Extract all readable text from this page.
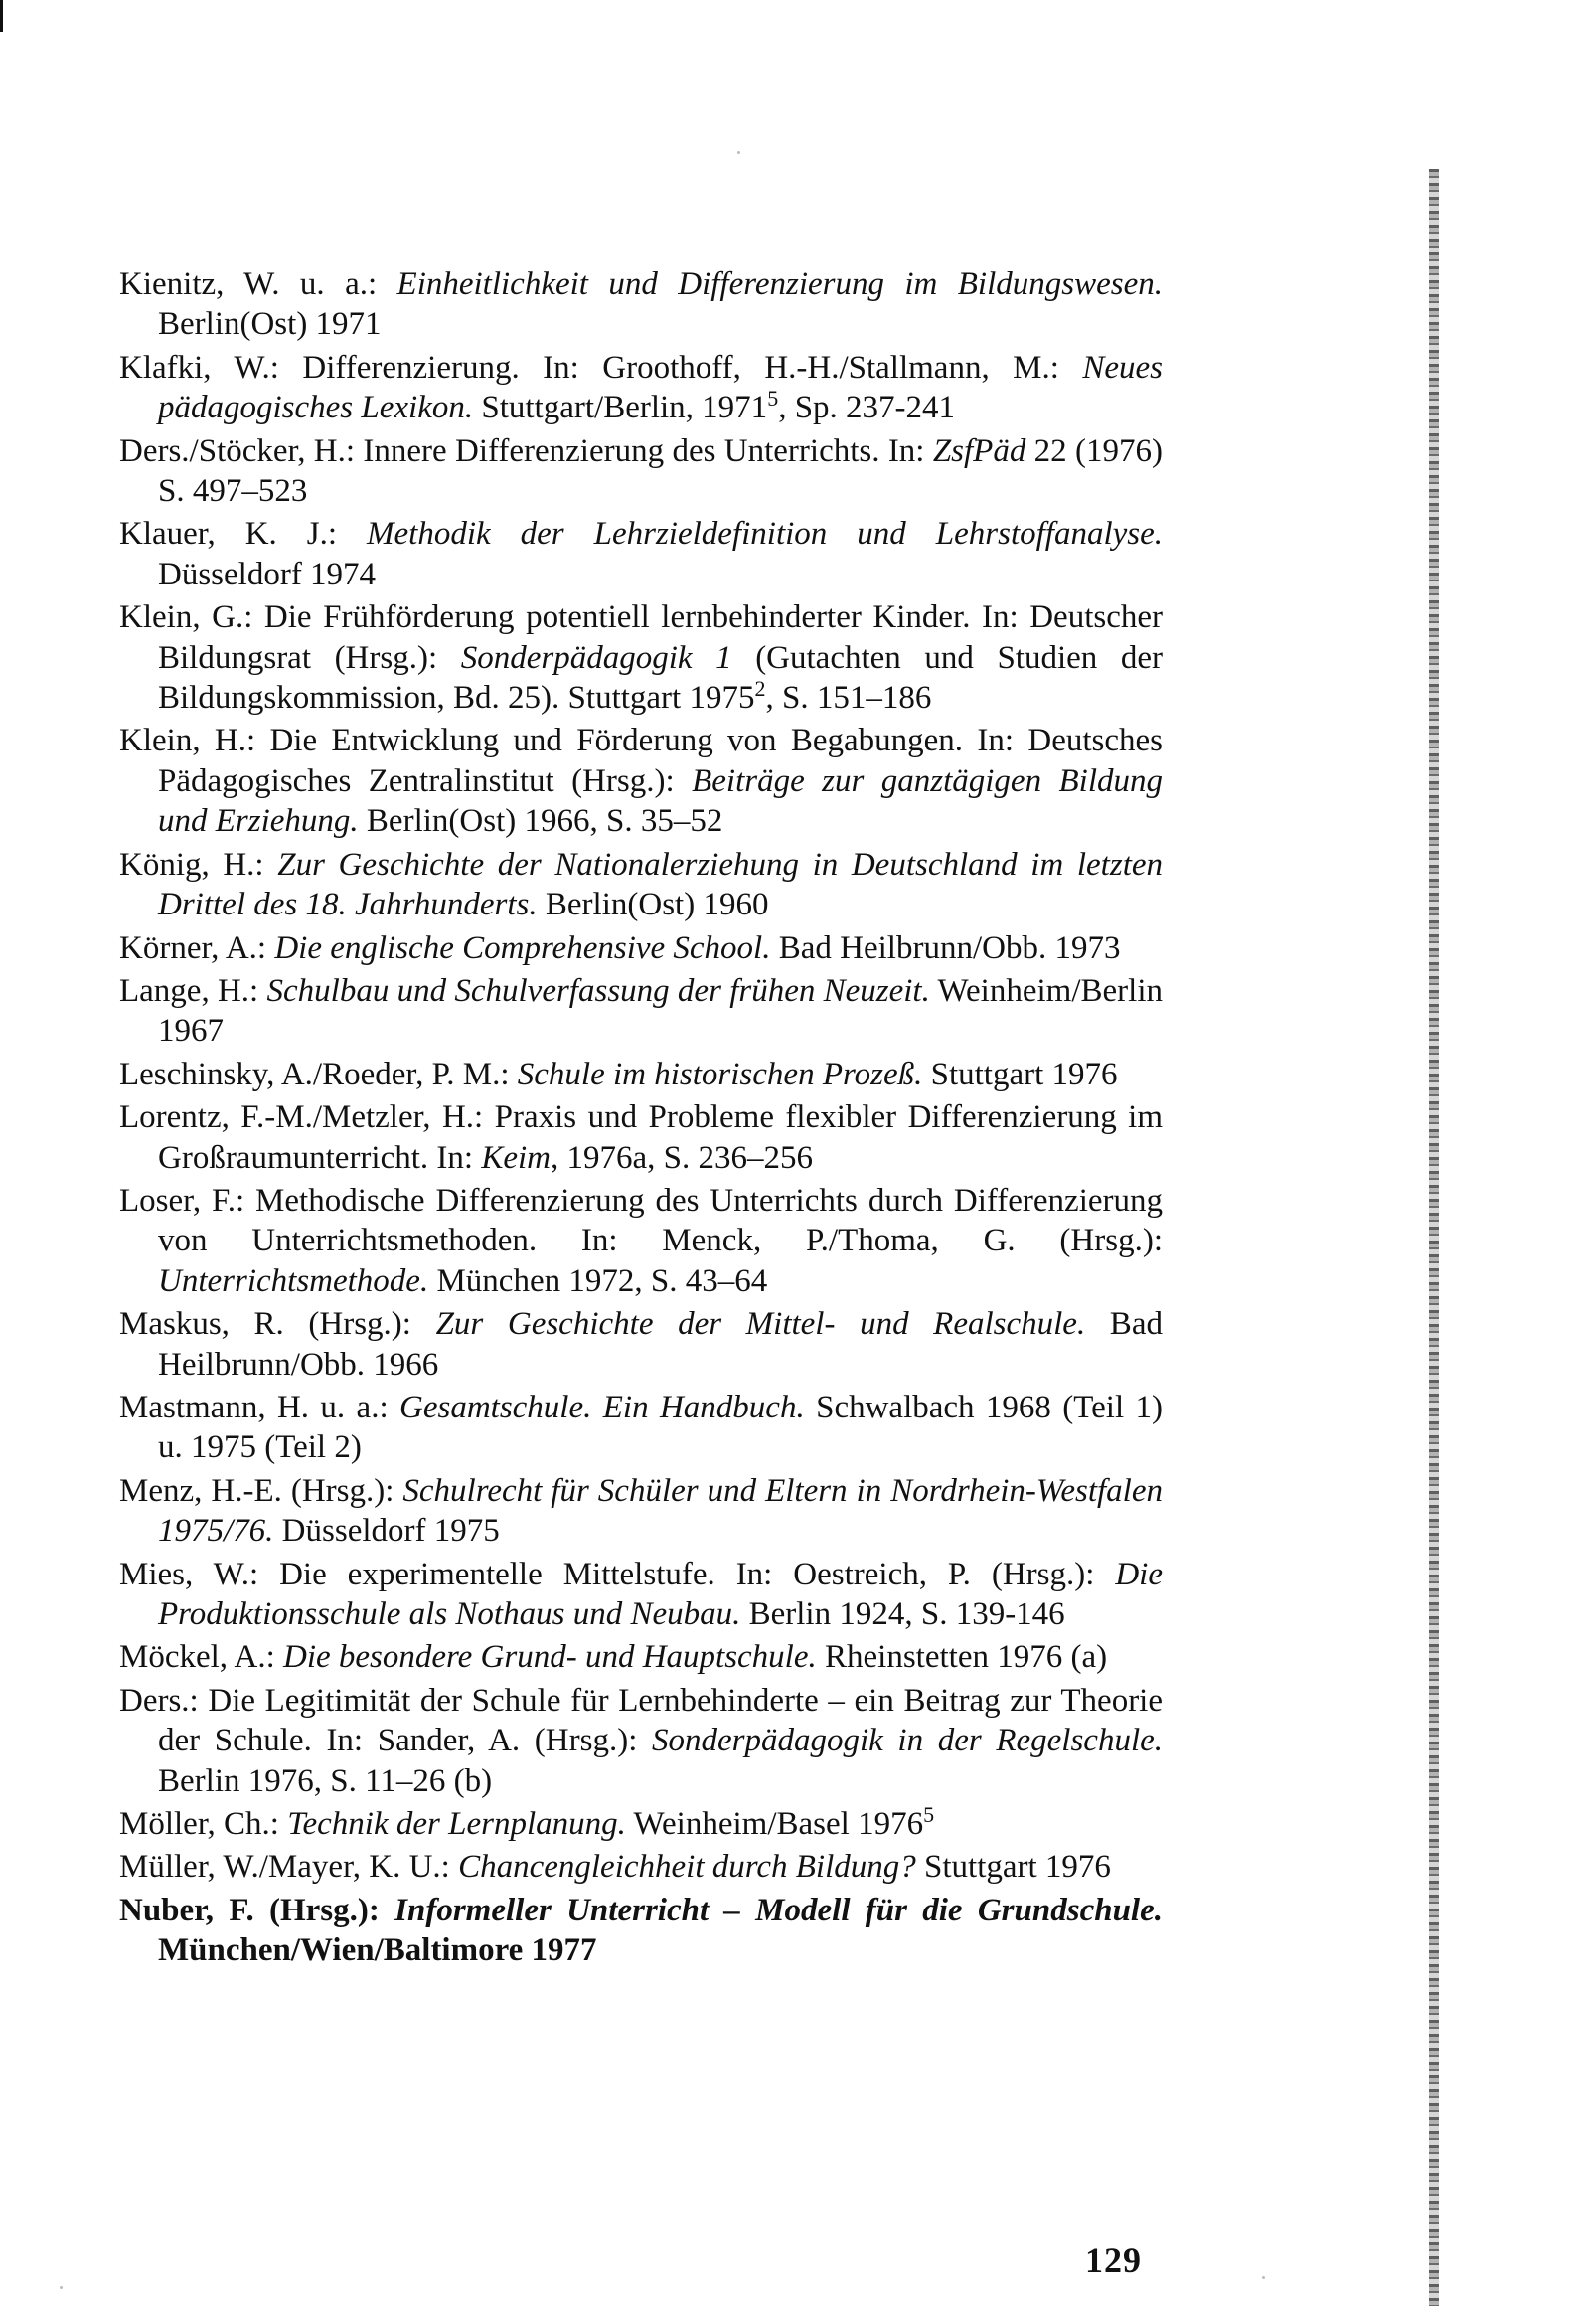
Kienitz, W. u. a.: Einheitlichkeit und Differenzierung im Bildungswesen. Berlin(Ost) 1971
Klafki, W.: Differenzierung. In: Groothoff, H.-H./Stallmann, M.: Neues pädagogisches Lexikon. Stuttgart/Berlin, 1971$^5$, Sp. 237-241
Ders./Stöcker, H.: Innere Differenzierung des Unterrichts. In: ZsfPäd 22 (1976) S. 497–523
Klauer, K. J.: Methodik der Lehrzieldefinition und Lehrstoffanalyse. Düsseldorf 1974
Klein, G.: Die Frühförderung potentiell lernbehinderter Kinder. In: Deutscher Bildungsrat (Hrsg.): Sonderpädagogik 1 (Gutachten und Studien der Bildungskommission, Bd. 25). Stuttgart 1975$^2$, S. 151–186
Klein, H.: Die Entwicklung und Förderung von Begabungen. In: Deutsches Pädagogisches Zentralinstitut (Hrsg.): Beiträge zur ganztägigen Bildung und Erziehung. Berlin(Ost) 1966, S. 35–52
König, H.: Zur Geschichte der Nationalerziehung in Deutschland im letzten Drittel des 18. Jahrhunderts. Berlin(Ost) 1960
Körner, A.: Die englische Comprehensive School. Bad Heilbrunn/Obb. 1973
Lange, H.: Schulbau und Schulverfassung der frühen Neuzeit. Weinheim/Berlin 1967
Leschinsky, A./Roeder, P. M.: Schule im historischen Prozeß. Stuttgart 1976
Lorentz, F.-M./Metzler, H.: Praxis und Probleme flexibler Differenzierung im Großraumunterricht. In: Keim, 1976a, S. 236–256
Loser, F.: Methodische Differenzierung des Unterrichts durch Differenzierung von Unterrichtsmethoden. In: Menck, P./Thoma, G. (Hrsg.): Unterrichtsmethode. München 1972, S. 43–64
Maskus, R. (Hrsg.): Zur Geschichte der Mittel- und Realschule. Bad Heilbrunn/Obb. 1966
Mastmann, H. u. a.: Gesamtschule. Ein Handbuch. Schwalbach 1968 (Teil 1) u. 1975 (Teil 2)
Menz, H.-E. (Hrsg.): Schulrecht für Schüler und Eltern in Nordrhein-Westfalen 1975/76. Düsseldorf 1975
Mies, W.: Die experimentelle Mittelstufe. In: Oestreich, P. (Hrsg.): Die Produktionsschule als Nothaus und Neubau. Berlin 1924, S. 139-146
Möckel, A.: Die besondere Grund- und Hauptschule. Rheinstetten 1976 (a)
Ders.: Die Legitimität der Schule für Lernbehinderte – ein Beitrag zur Theorie der Schule. In: Sander, A. (Hrsg.): Sonderpädagogik in der Regelschule. Berlin 1976, S. 11–26 (b)
Möller, Ch.: Technik der Lernplanung. Weinheim/Basel 1976$^5$
Müller, W./Mayer, K. U.: Chancengleichheit durch Bildung? Stuttgart 1976
Nuber, F. (Hrsg.): Informeller Unterricht – Modell für die Grundschule. München/Wien/Baltimore 1977
129
